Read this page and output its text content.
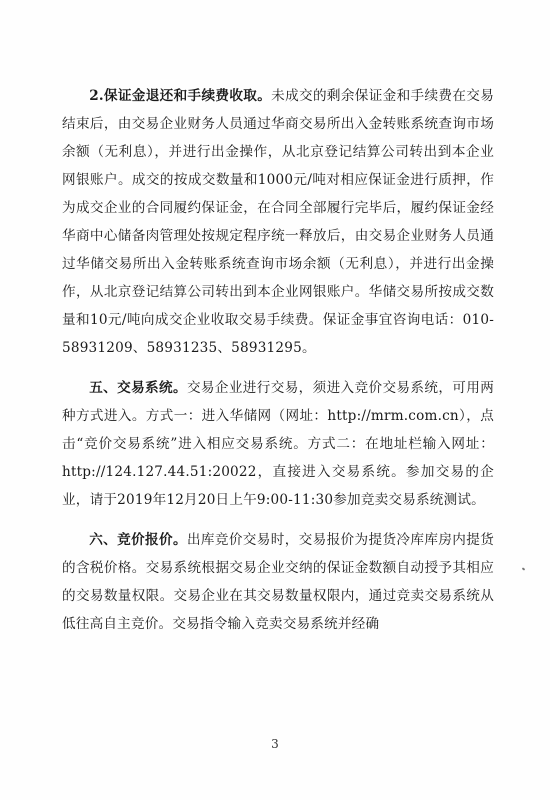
2.保证金退还和手续费收取。未成交的剩余保证金和手续费在交易结束后，由交易企业财务人员通过华商交易所出入金转账系统查询市场余额（无利息），并进行出金操作，从北京登记结算公司转出到本企业网银账户。成交的按成交数量和1000元/吨对相应保证金进行质押，作为成交企业的合同履约保证金，在合同全部履行完毕后，履约保证金经华商中心储备肉管理处按规定程序统一释放后，由交易企业财务人员通过华储交易所出入金转账系统查询市场余额（无利息），并进行出金操作，从北京登记结算公司转出到本企业网银账户。华储交易所按成交数量和10元/吨向成交企业收取交易手续费。保证金事宜咨询电话：010-58931209、58931235、58931295。

五、交易系统。交易企业进行交易，须进入竞价交易系统，可用两种方式进入。方式一：进入华储网（网址：http://mrm.com.cn），点击“竞价交易系统”进入相应交易系统。方式二：在地址栏输入网址：http://124.127.44.51:20022，直接进入交易系统。参加交易的企业，请于2019年12月20日上午9:00-11:30参加竞卖交易系统测试。

六、竞价报价。出库竞价交易时，交易报价为提货冷库库房内提货的含税价格。交易系统根据交易企业交纳的保证金数额自动授予其相应的交易数量权限。交易企业在其交易数量权限内，通过竞卖交易系统从低往高自主竞价。交易指令输入竞卖交易系统并经确

3
